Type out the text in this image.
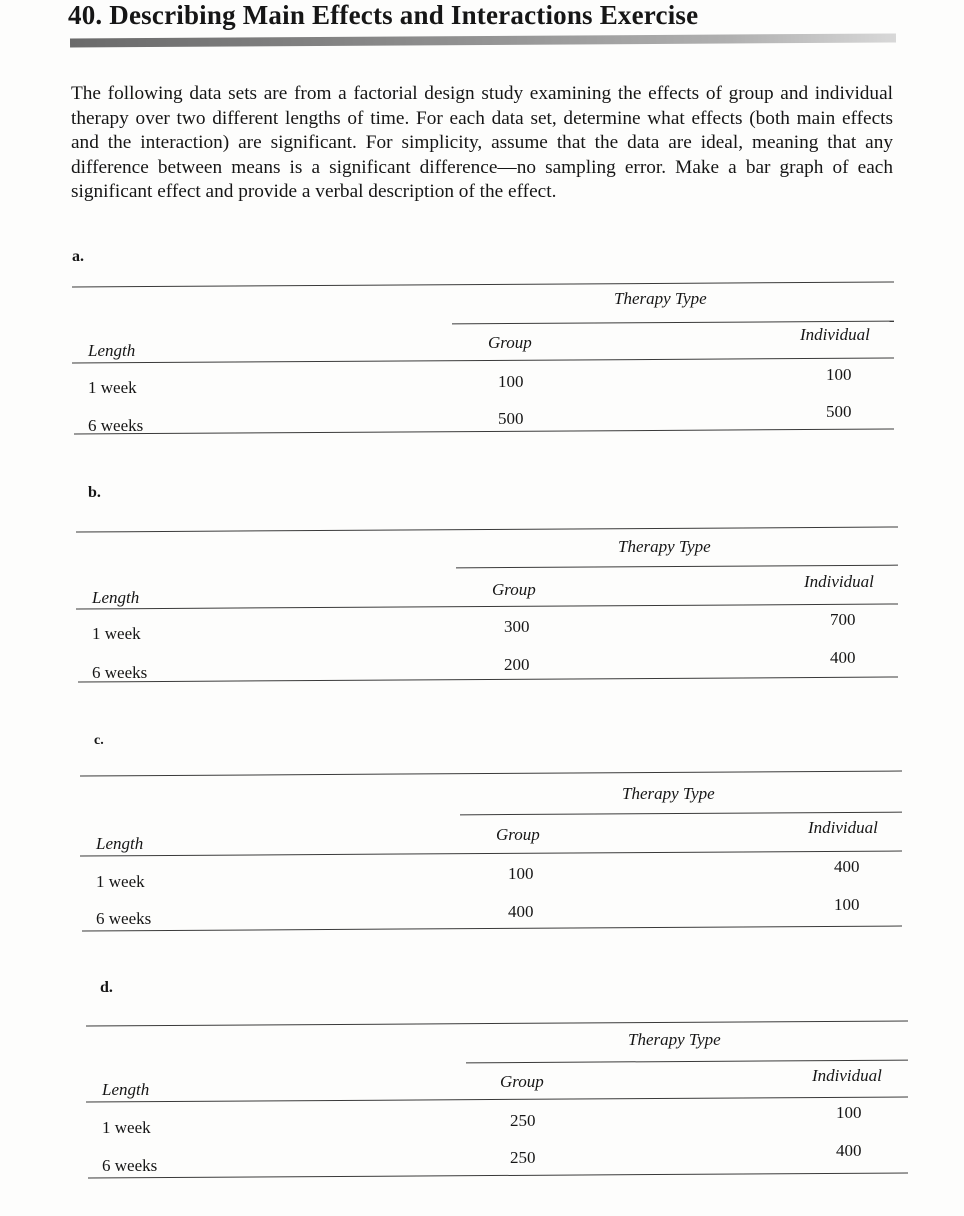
40. Describing Main Effects and Interactions Exercise
The following data sets are from a factorial design study examining the effects of group and individual therapy over two different lengths of time. For each data set, determine what effects (both main effects and the interaction) are significant. For simplicity, assume that the data are ideal, meaning that any difference between means is a significant difference—no sampling error. Make a bar graph of each significant effect and provide a verbal description of the effect.
a.
Therapy Type
Length	Group	Individual
1 week	100	100
6 weeks	500	500
b.
Therapy Type
Length	Group	Individual
1 week	300	700
6 weeks	200	400
c.
Therapy Type
Length	Group	Individual
1 week	100	400
6 weeks	400	100
d.
Therapy Type
Length	Group	Individual
1 week	250	100
6 weeks	250	400
